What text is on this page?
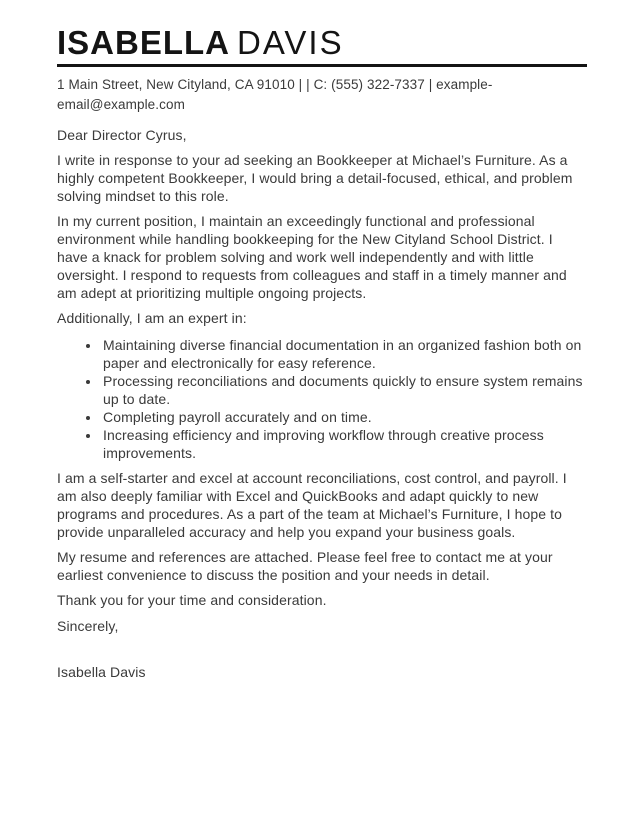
ISABELLA DAVIS
1 Main Street, New Cityland, CA 91010 | | C: (555) 322-7337 | example-email@example.com

Dear Director Cyrus,

I write in response to your ad seeking an Bookkeeper at Michael’s Furniture. As a highly competent Bookkeeper, I would bring a detail-focused, ethical, and problem solving mindset to this role.

In my current position, I maintain an exceedingly functional and professional environment while handling bookkeeping for the New Cityland School District. I have a knack for problem solving and work well independently and with little oversight. I respond to requests from colleagues and staff in a timely manner and am adept at prioritizing multiple ongoing projects.

Additionally, I am an expert in:

• Maintaining diverse financial documentation in an organized fashion both on paper and electronically for easy reference.
• Processing reconciliations and documents quickly to ensure system remains up to date.
• Completing payroll accurately and on time.
• Increasing efficiency and improving workflow through creative process improvements.

I am a self-starter and excel at account reconciliations, cost control, and payroll. I am also deeply familiar with Excel and QuickBooks and adapt quickly to new programs and procedures. As a part of the team at Michael’s Furniture, I hope to provide unparalleled accuracy and help you expand your business goals.

My resume and references are attached. Please feel free to contact me at your earliest convenience to discuss the position and your needs in detail.

Thank you for your time and consideration.

Sincerely,

Isabella Davis
